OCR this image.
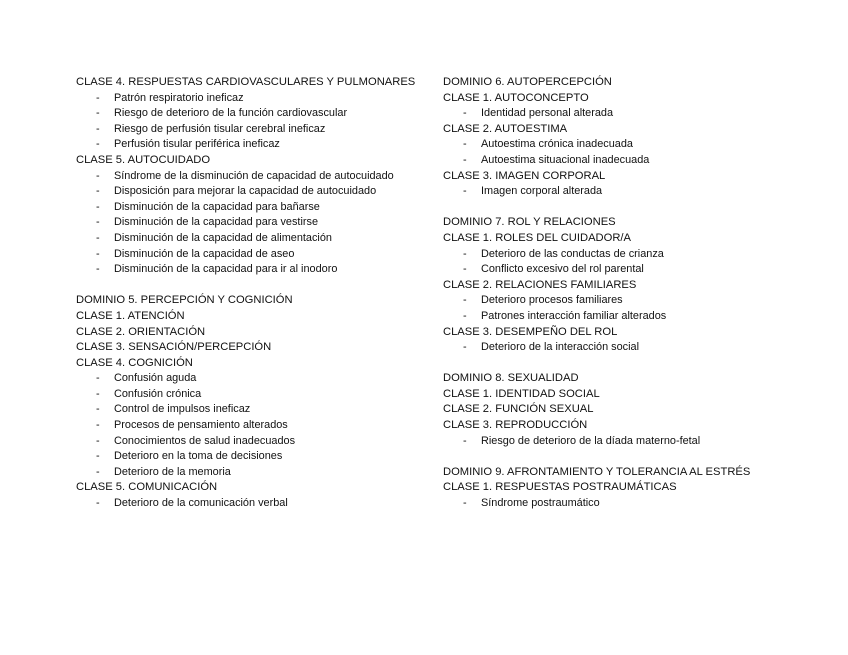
CLASE 4. RESPUESTAS CARDIOVASCULARES Y PULMONARES
- Patrón respiratorio ineficaz
- Riesgo de deterioro de la función cardiovascular
- Riesgo de perfusión tisular cerebral ineficaz
- Perfusión tisular periférica ineficaz
CLASE 5. AUTOCUIDADO
- Síndrome de la disminución de capacidad de autocuidado
- Disposición para mejorar la capacidad de autocuidado
- Disminución de la capacidad para bañarse
- Disminución de la capacidad para vestirse
- Disminución de la capacidad de alimentación
- Disminución de la capacidad de aseo
- Disminución de la capacidad para ir al inodoro
DOMINIO 5. PERCEPCIÓN Y COGNICIÓN
CLASE 1. ATENCIÓN
CLASE 2. ORIENTACIÓN
CLASE 3. SENSACIÓN/PERCEPCIÓN
CLASE 4. COGNICIÓN
- Confusión aguda
- Confusión crónica
- Control de impulsos ineficaz
- Procesos de pensamiento alterados
- Conocimientos de salud inadecuados
- Deterioro en la toma de decisiones
- Deterioro de la memoria
CLASE 5. COMUNICACIÓN
- Deterioro de la comunicación verbal
DOMINIO 6. AUTOPERCEPCIÓN
CLASE 1. AUTOCONCEPTO
- Identidad personal alterada
CLASE 2. AUTOESTIMA
- Autoestima crónica inadecuada
- Autoestima situacional inadecuada
CLASE 3. IMAGEN CORPORAL
- Imagen corporal alterada
DOMINIO 7. ROL Y RELACIONES
CLASE 1. ROLES DEL CUIDADOR/A
- Deterioro de las conductas de crianza
- Conflicto excesivo del rol parental
CLASE 2. RELACIONES FAMILIARES
- Deterioro procesos familiares
- Patrones interacción familiar alterados
CLASE 3. DESEMPEÑO DEL ROL
- Deterioro de la interacción social
DOMINIO 8. SEXUALIDAD
CLASE 1. IDENTIDAD SOCIAL
CLASE 2. FUNCIÓN SEXUAL
CLASE 3. REPRODUCCIÓN
- Riesgo de deterioro de la díada materno-fetal
DOMINIO 9. AFRONTAMIENTO Y TOLERANCIA AL ESTRÉS
CLASE 1. RESPUESTAS POSTRAUMÁTICAS
- Síndrome postraumático
